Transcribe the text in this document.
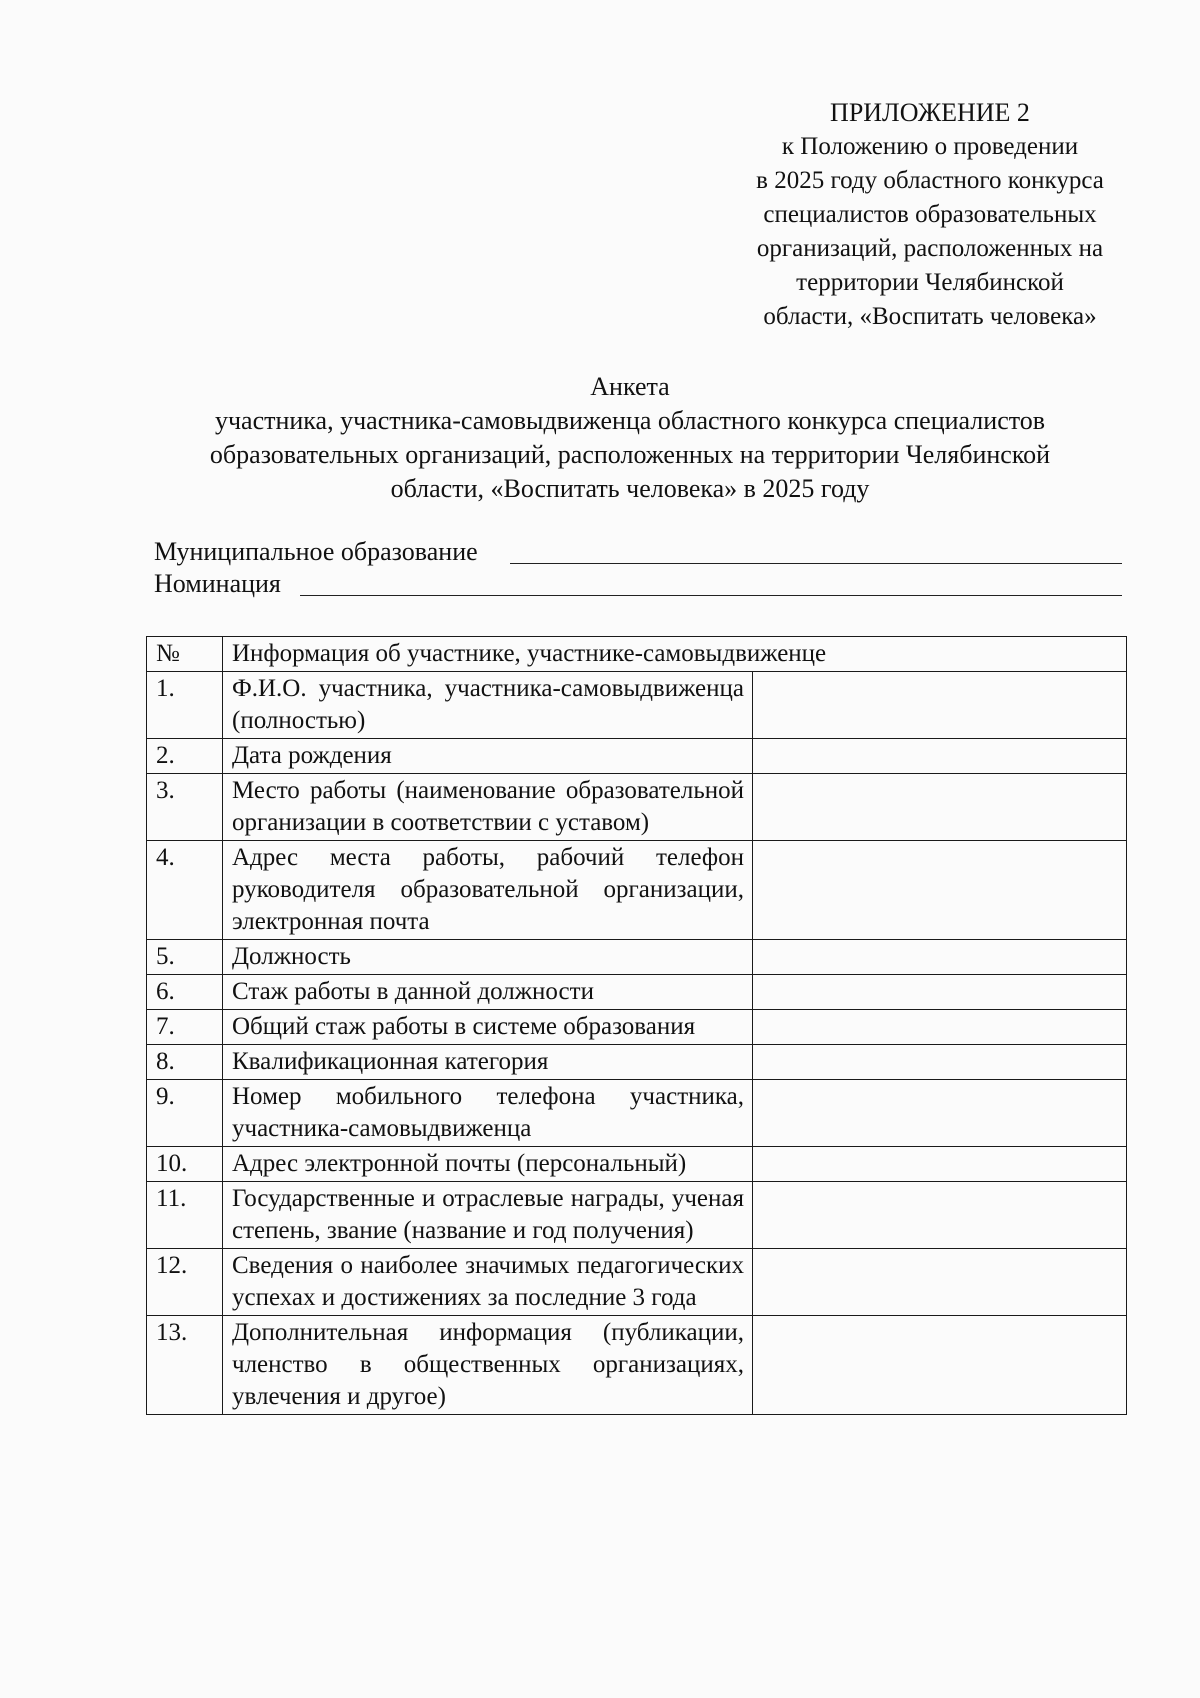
ПРИЛОЖЕНИЕ 2
к Положению о проведении
в 2025 году областного конкурса
специалистов образовательных
организаций, расположенных на
территории Челябинской
области, «Воспитать человека»
Анкета
участника, участника-самовыдвиженца областного конкурса специалистов
образовательных организаций, расположенных на территории Челябинской
области, «Воспитать человека» в 2025 году
Муниципальное образование
Номинация
№	Информация об участнике, участнике-самовыдвиженце	
1.	Ф.И.О. участника, участника-самовыдвиженца (полностью)	
2.	Дата рождения	
3.	Место работы (наименование образовательной организации в соответствии с уставом)	
4.	Адрес места работы, рабочий телефон руководителя образовательной организации, электронная почта	
5.	Должность	
6.	Стаж работы в данной должности	
7.	Общий стаж работы в системе образования	
8.	Квалификационная категория	
9.	Номер мобильного телефона участника, участника-самовыдвиженца	
10.	Адрес электронной почты (персональный)	
11.	Государственные и отраслевые награды, ученая степень, звание (название и год получения)	
12.	Сведения о наиболее значимых педагогических успехах и достижениях за последние 3 года	
13.	Дополнительная информация (публикации, членство в общественных организациях, увлечения и другое)	
